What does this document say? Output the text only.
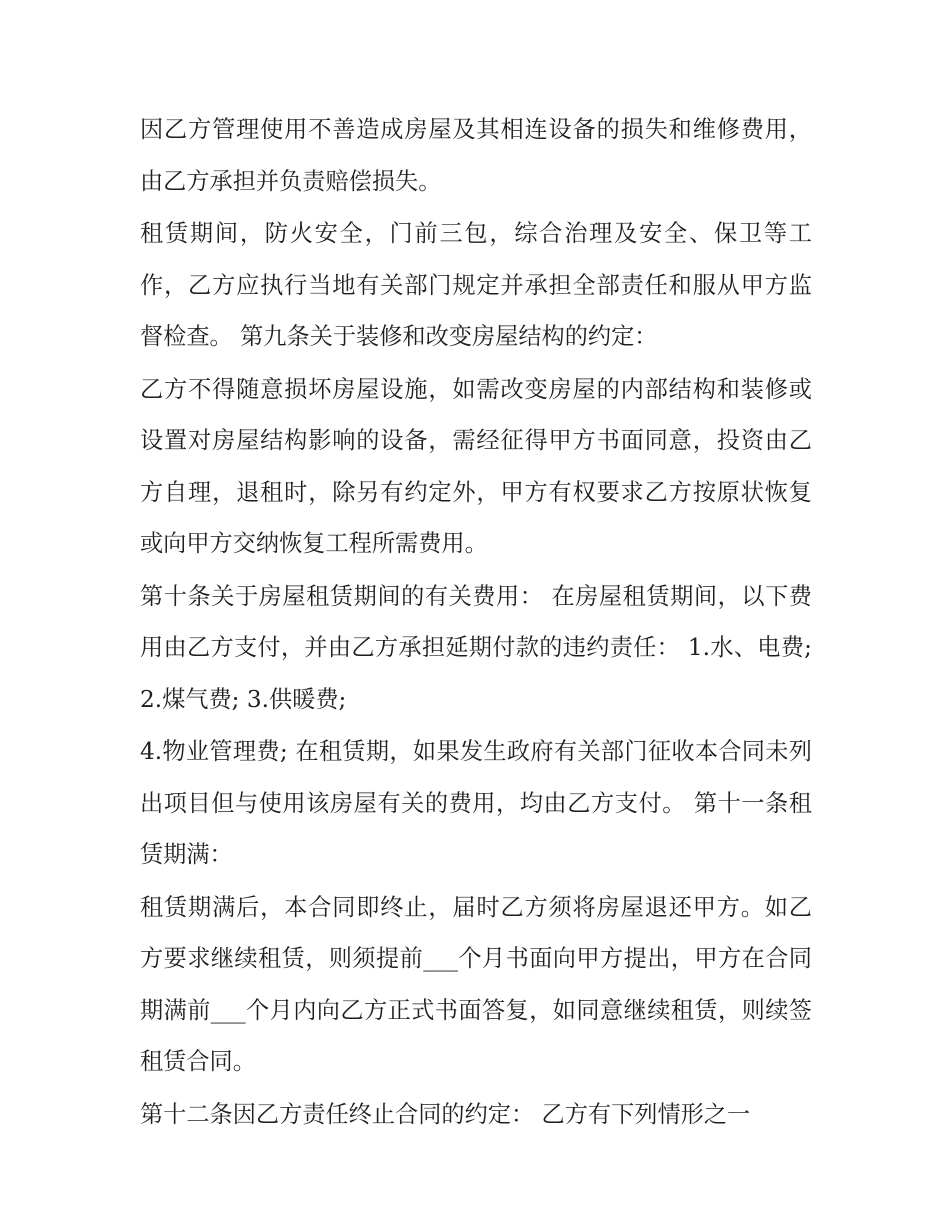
因乙方管理使用不善造成房屋及其相连设备的损失和维修费用，由乙方承担并负责赔偿损失。

租赁期间，防火安全，门前三包，综合治理及安全、保卫等工作，乙方应执行当地有关部门规定并承担全部责任和服从甲方监督检查。 第九条关于装修和改变房屋结构的约定：

乙方不得随意损坏房屋设施，如需改变房屋的内部结构和装修或设置对房屋结构影响的设备，需经征得甲方书面同意，投资由乙方自理，退租时，除另有约定外，甲方有权要求乙方按原状恢复或向甲方交纳恢复工程所需费用。

第十条关于房屋租赁期间的有关费用： 在房屋租赁期间，以下费用由乙方支付，并由乙方承担延期付款的违约责任： 1.水、电费; 2.煤气费; 3.供暖费;

4.物业管理费; 在租赁期，如果发生政府有关部门征收本合同未列出项目但与使用该房屋有关的费用，均由乙方支付。 第十一条租赁期满：

租赁期满后，本合同即终止，届时乙方须将房屋退还甲方。如乙方要求继续租赁，则须提前___个月书面向甲方提出，甲方在合同期满前___个月内向乙方正式书面答复，如同意继续租赁，则续签租赁合同。

第十二条因乙方责任终止合同的约定： 乙方有下列情形之一
